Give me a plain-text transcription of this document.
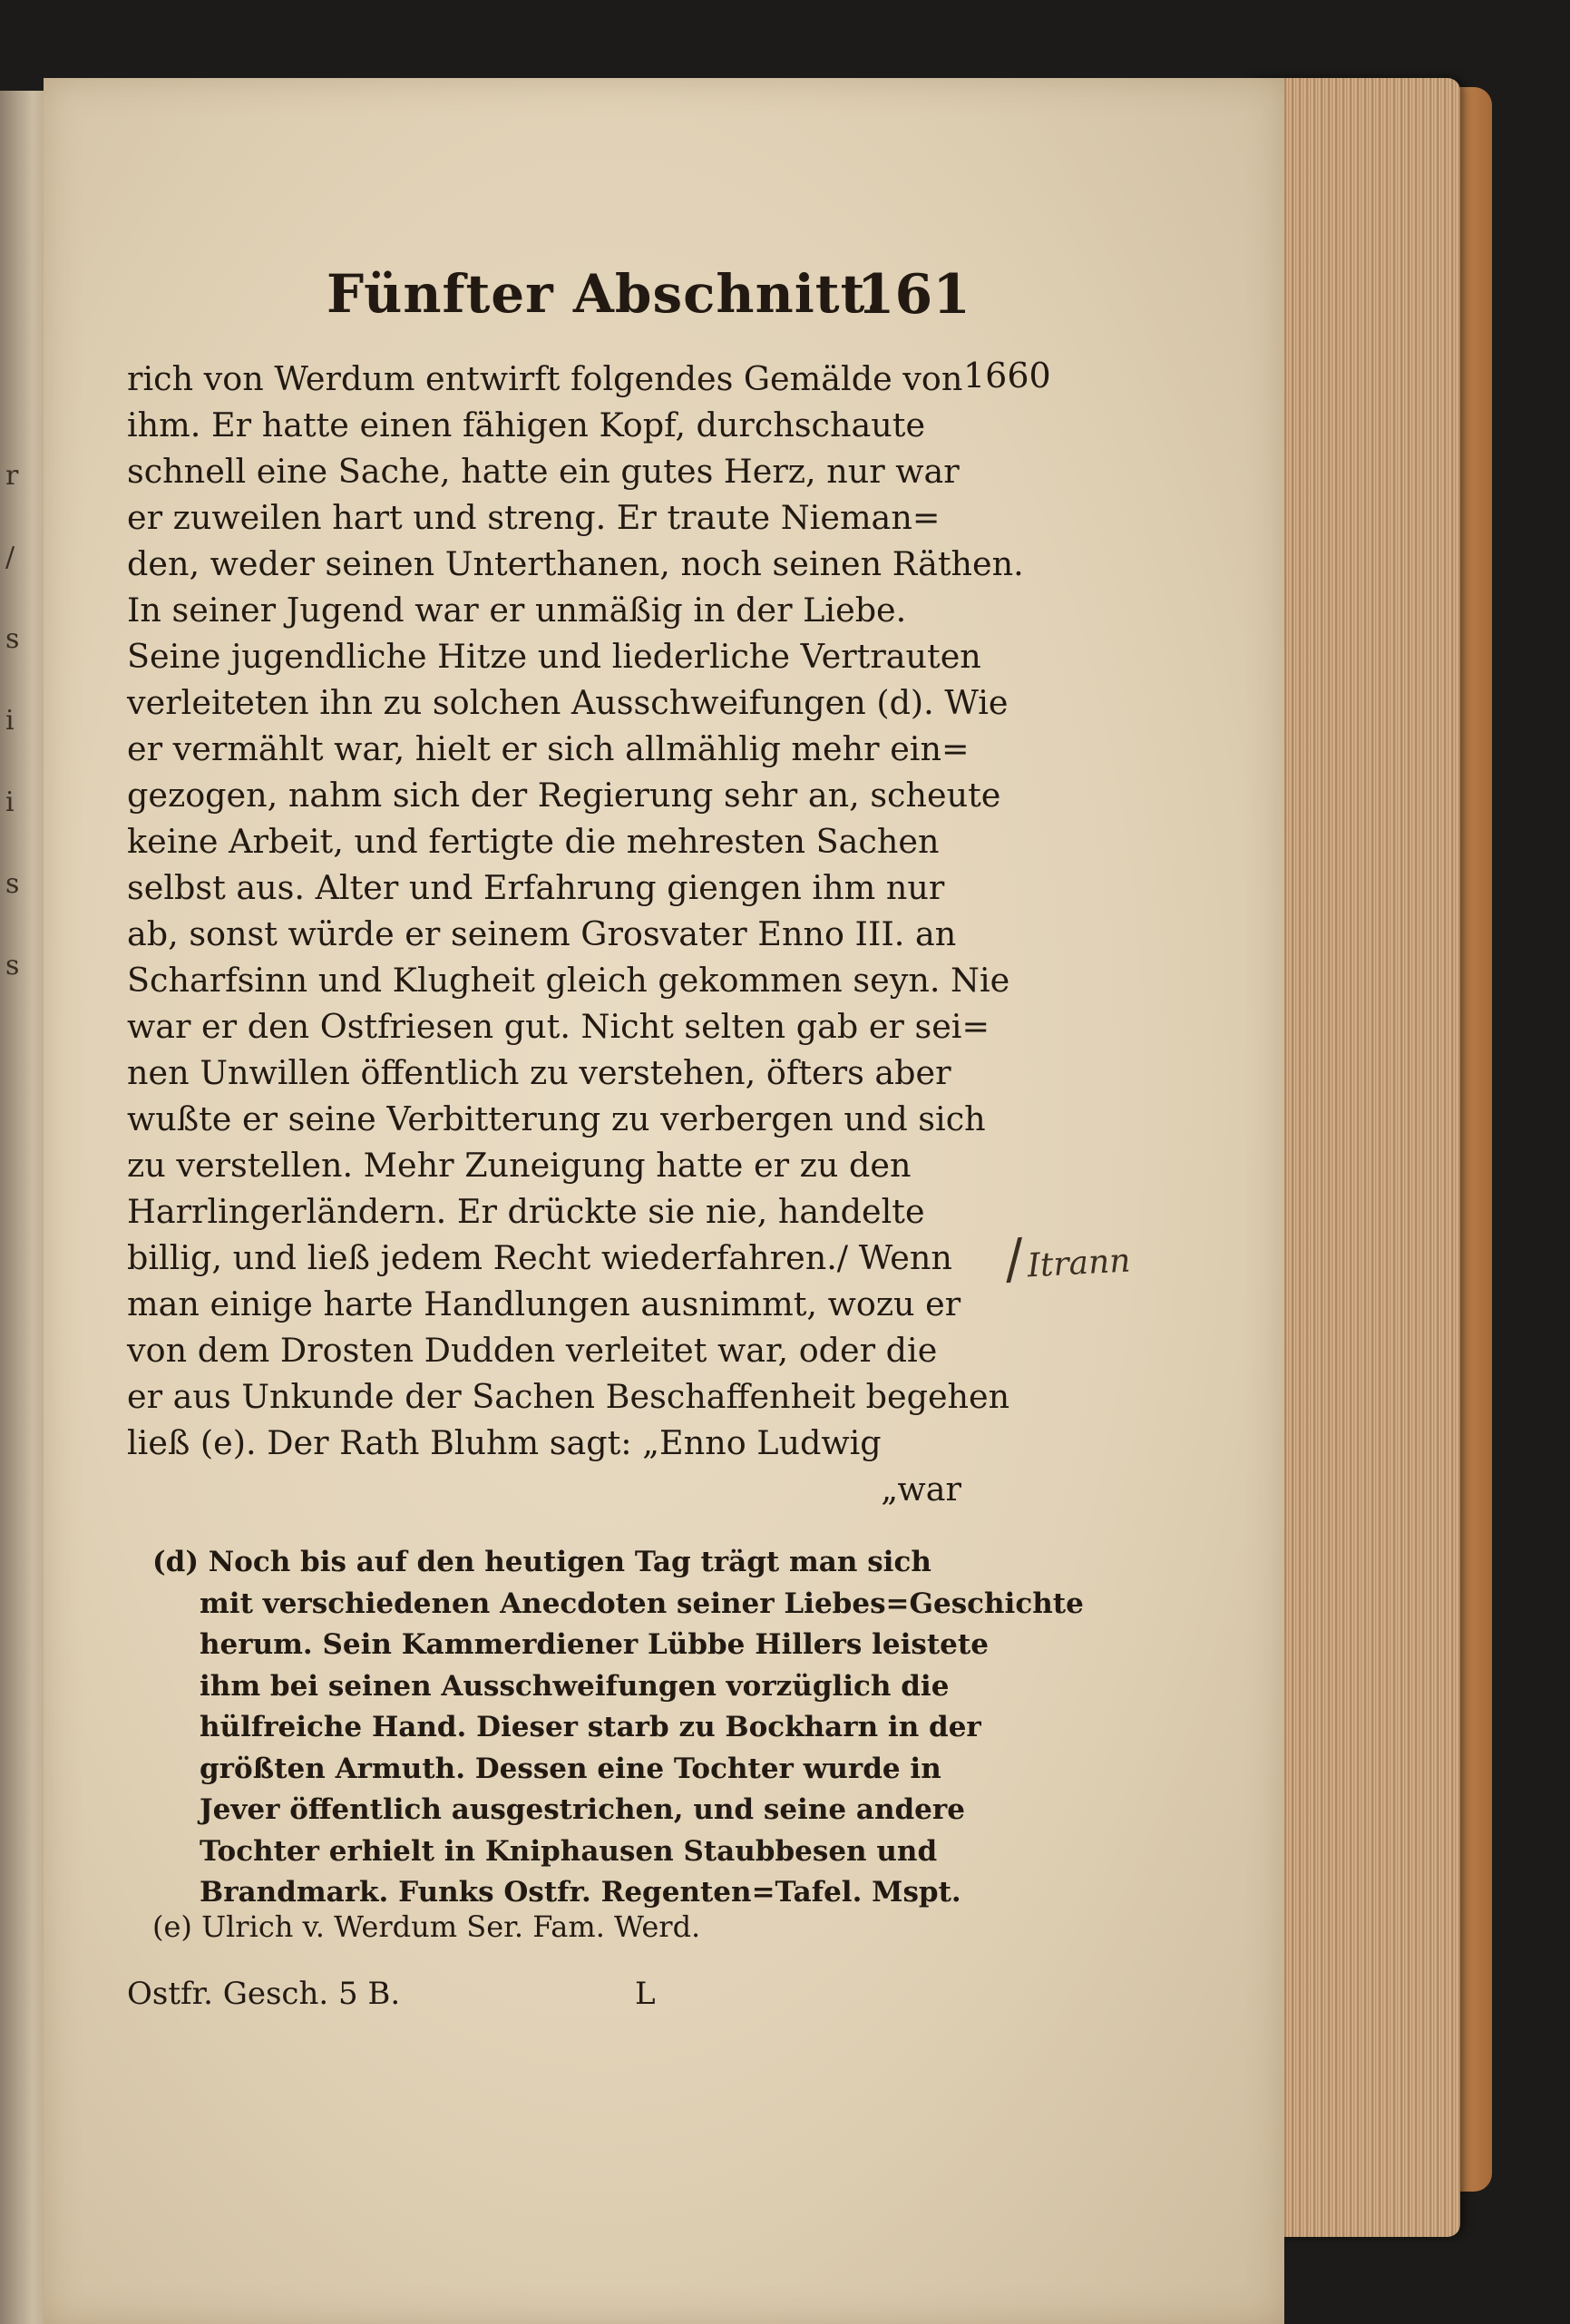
r
/
s
i
i
s
s
Fünfter Abschnitt.
161
1660
rich von Werdum entwirft folgendes Gemälde von
ihm. Er hatte einen fähigen Kopf, durchschaute
schnell eine Sache, hatte ein gutes Herz, nur war
er zuweilen hart und streng. Er traute Nieman=
den, weder seinen Unterthanen, noch seinen Räthen.
In seiner Jugend war er unmäßig in der Liebe.
Seine jugendliche Hitze und liederliche Vertrauten
verleiteten ihn zu solchen Ausschweifungen (d). Wie
er vermählt war, hielt er sich allmählig mehr ein=
gezogen, nahm sich der Regierung sehr an, scheute
keine Arbeit, und fertigte die mehresten Sachen
selbst aus. Alter und Erfahrung giengen ihm nur
ab, sonst würde er seinem Grosvater Enno III. an
Scharfsinn und Klugheit gleich gekommen seyn. Nie
war er den Ostfriesen gut. Nicht selten gab er sei=
nen Unwillen öffentlich zu verstehen, öfters aber
wußte er seine Verbitterung zu verbergen und sich
zu verstellen. Mehr Zuneigung hatte er zu den
Harrlingerländern. Er drückte sie nie, handelte
billig, und ließ jedem Recht wiederfahren./ Wenn
man einige harte Handlungen ausnimmt, wozu er
von dem Drosten Dudden verleitet war, oder die
er aus Unkunde der Sachen Beschaffenheit begehen
ließ (e). Der Rath Bluhm sagt: „Enno Ludwig
„war
/Itrann
(d) Noch bis auf den heutigen Tag trägt man sich
mit verschiedenen Anecdoten seiner Liebes=Geschichte
herum. Sein Kammerdiener Lübbe Hillers leistete
ihm bei seinen Ausschweifungen vorzüglich die
hülfreiche Hand. Dieser starb zu Bockharn in der
größten Armuth. Dessen eine Tochter wurde in
Jever öffentlich ausgestrichen, und seine andere
Tochter erhielt in Kniphausen Staubbesen und
Brandmark. Funks Ostfr. Regenten=Tafel. Mspt.
(e) Ulrich v. Werdum Ser. Fam. Werd.
Ostfr. Gesch. 5 B.	L
